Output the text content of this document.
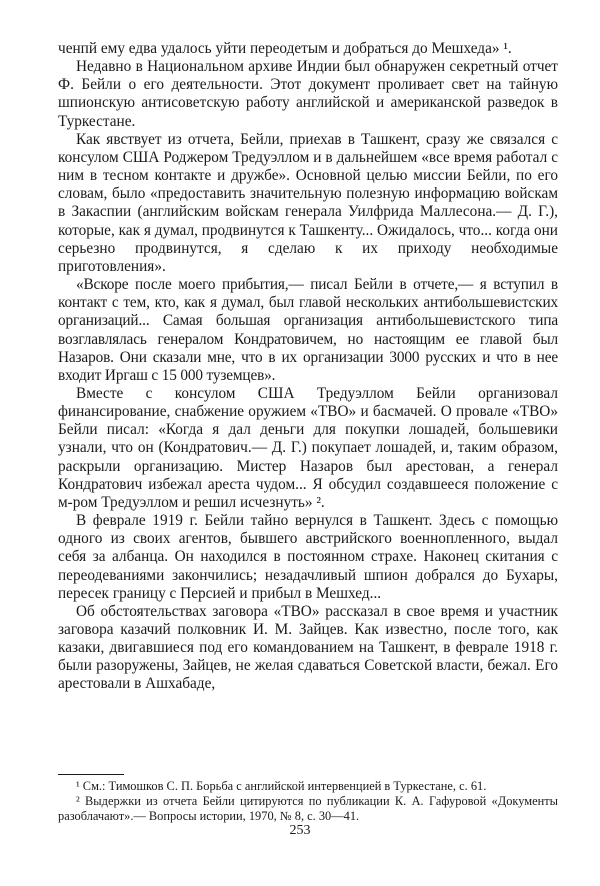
ченпй ему едва удалось уйти переодетым и добраться до Мешхеда» ¹.

Недавно в Национальном архиве Индии был обнаружен секретный отчет Ф. Бейли о его деятельности. Этот документ проливает свет на тайную шпионскую антисоветскую работу английской и американской разведок в Туркестане.

Как явствует из отчета, Бейли, приехав в Ташкент, сразу же связался с консулом США Роджером Тредуэллом и в дальнейшем «все время работал с ним в тесном контакте и дружбе». Основной целью миссии Бейли, по его словам, было «предоставить значительную полезную информацию войскам в Закаспии (английским войскам генерала Уилфрида Маллесона.— Д. Г.), которые, как я думал, продвинутся к Ташкенту... Ожидалось, что... когда они серьезно продвинутся, я сделаю к их приходу необходимые приготовления».

«Вскоре после моего прибытия,— писал Бейли в отчете,— я вступил в контакт с тем, кто, как я думал, был главой нескольких антибольшевистских организаций... Самая большая организация антибольшевистского типа возглавлялась генералом Кондратовичем, но настоящим ее главой был Назаров. Они сказали мне, что в их организации 3000 русских и что в нее входит Иргаш с 15 000 туземцев».

Вместе с консулом США Тредуэллом Бейли организовал финансирование, снабжение оружием «ТВО» и басмачей. О провале «ТВО» Бейли писал: «Когда я дал деньги для покупки лошадей, большевики узнали, что он (Кондратович.— Д. Г.) покупает лошадей, и, таким образом, раскрыли организацию. Мистер Назаров был арестован, а генерал Кондратович избежал ареста чудом... Я обсудил создавшееся положение с м-ром Тредуэллом и решил исчезнуть» ².

В феврале 1919 г. Бейли тайно вернулся в Ташкент. Здесь с помощью одного из своих агентов, бывшего австрийского военнопленного, выдал себя за албанца. Он находился в постоянном страхе. Наконец скитания с переодеваниями закончились; незадачливый шпион добрался до Бухары, пересек границу с Персией и прибыл в Мешхед...

Об обстоятельствах заговора «ТВО» рассказал в свое время и участник заговора казачий полковник И. М. Зайцев. Как известно, после того, как казаки, двигавшиеся под его командованием на Ташкент, в феврале 1918 г. были разоружены, Зайцев, не желая сдаваться Советской власти, бежал. Его арестовали в Ашхабаде,

¹ См.: Тимошков С. П. Борьба с английской интервенцией в Туркестане, с. 61.

² Выдержки из отчета Бейли цитируются по публикации К. А. Гафуровой «Документы разоблачают».— Вопросы истории, 1970, № 8, с. 30—41.

253
